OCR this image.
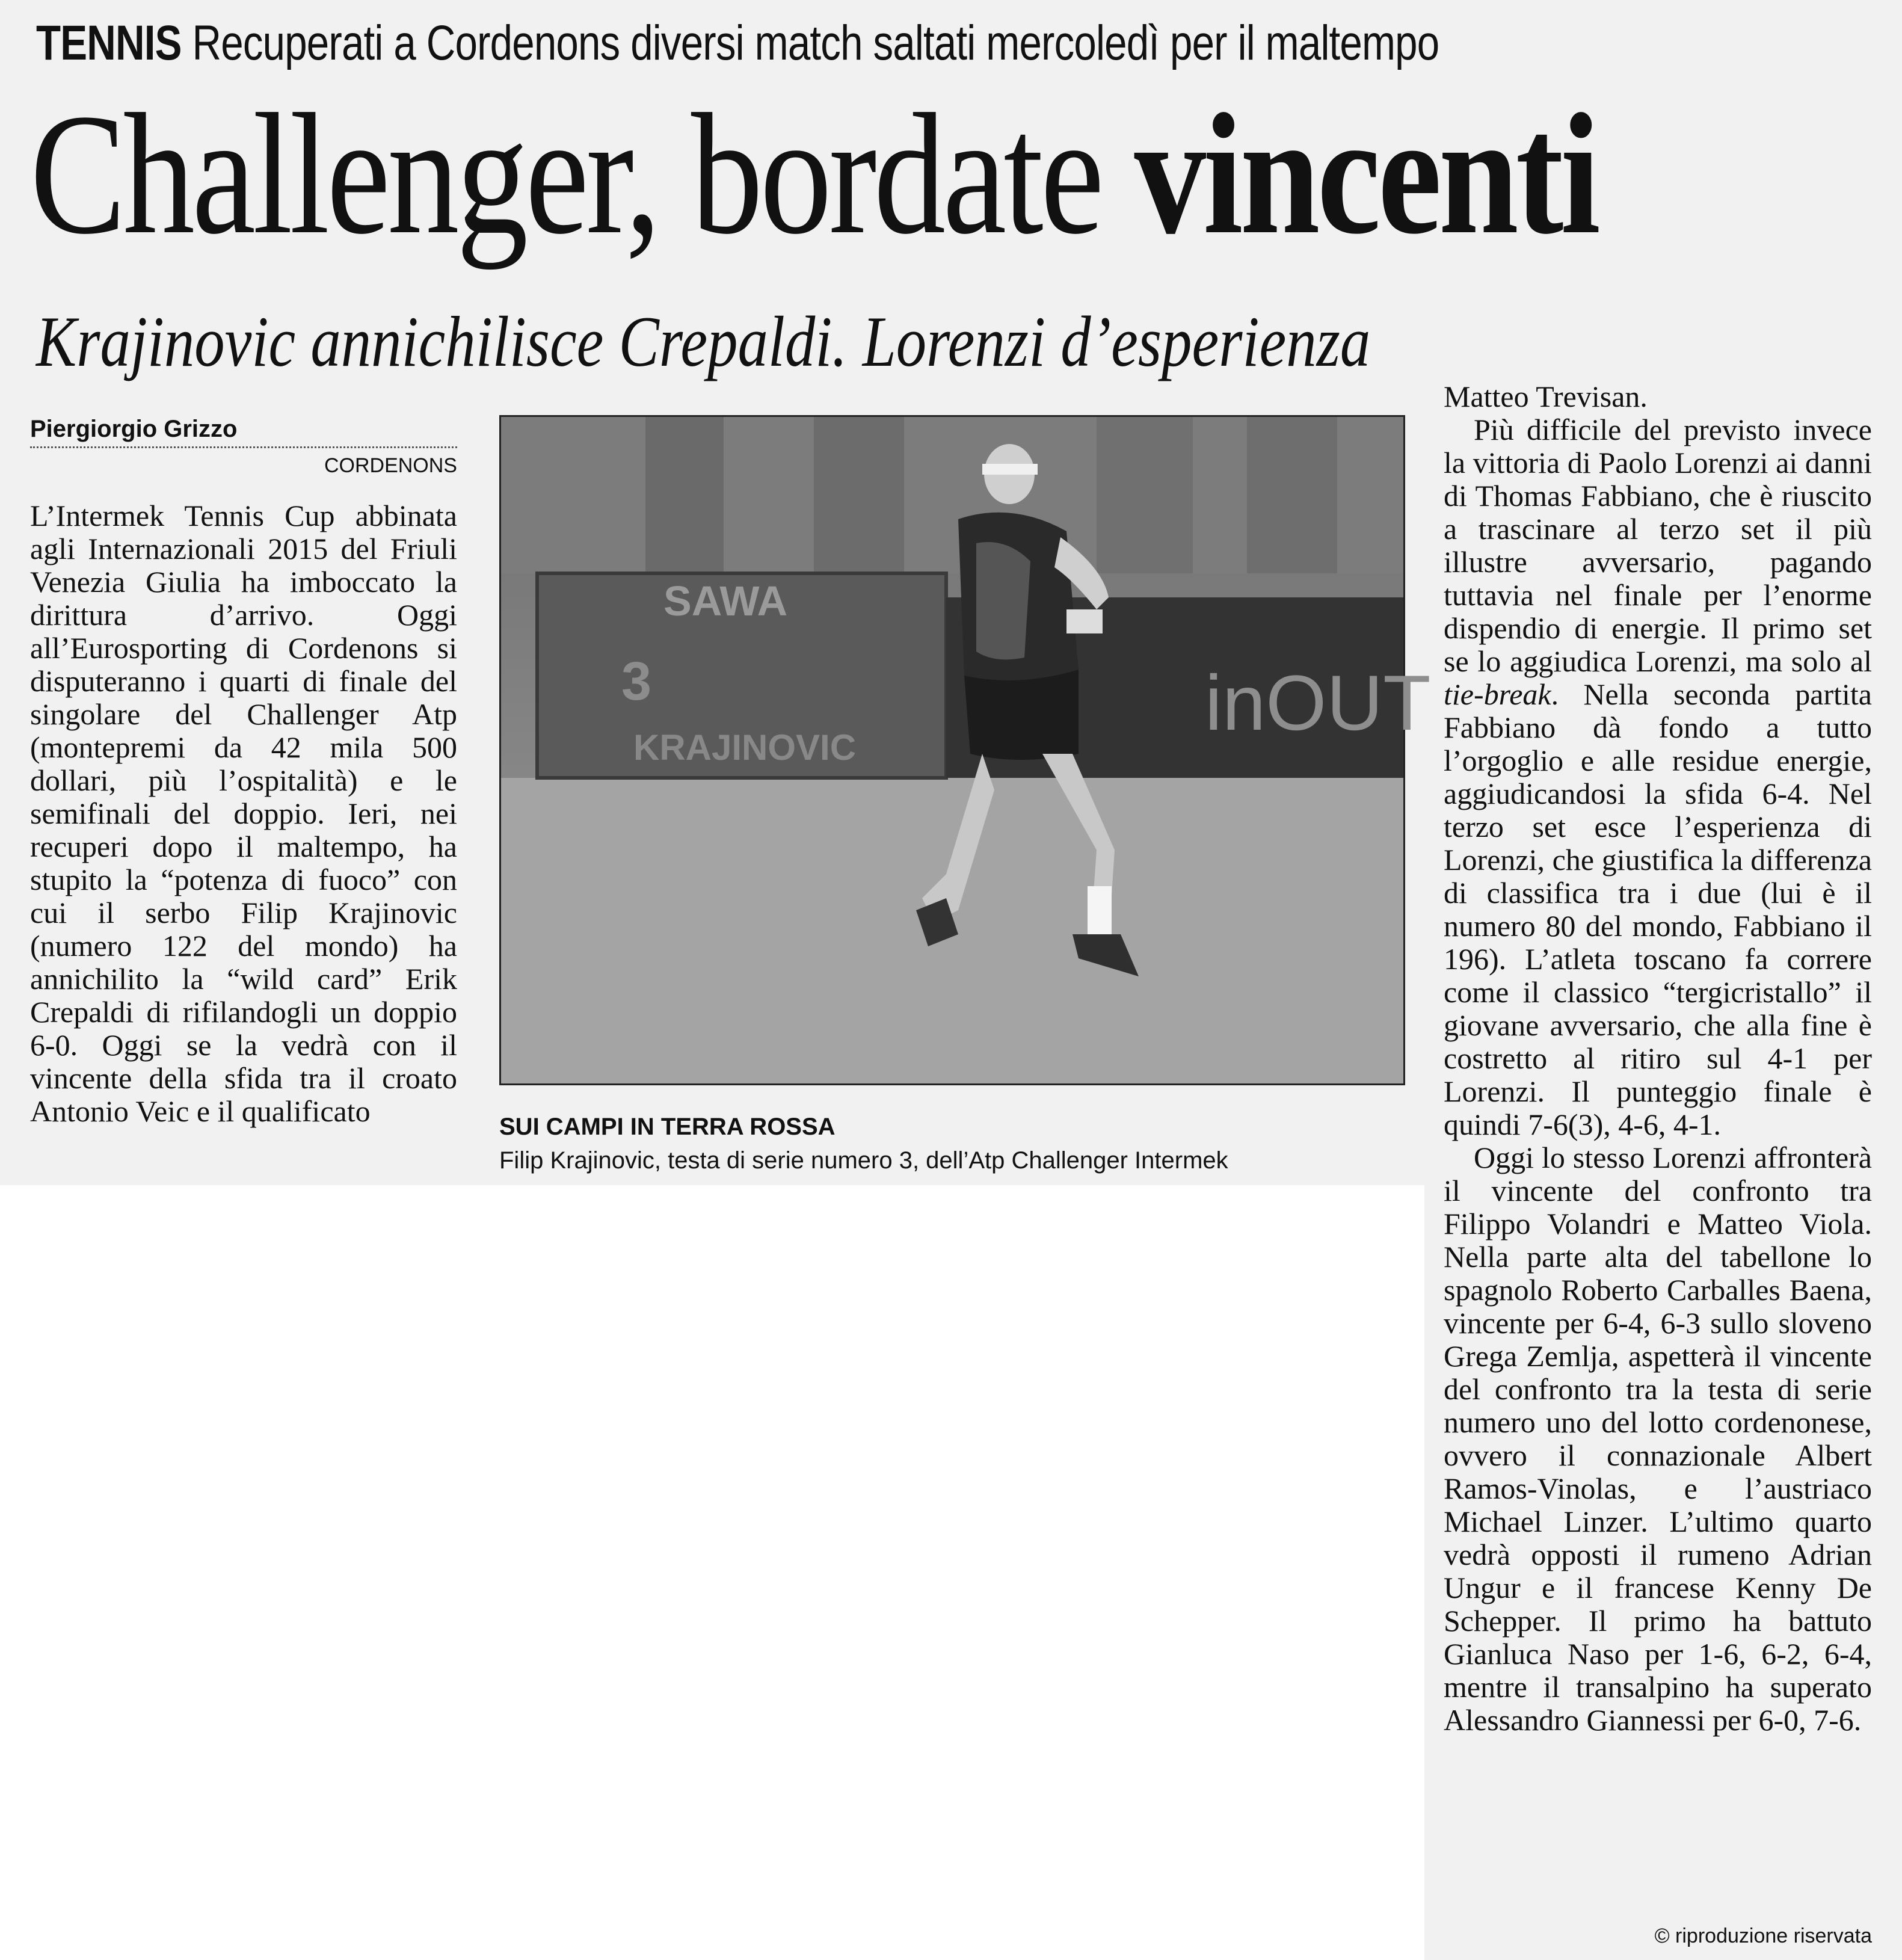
TENNIS Recuperati a Cordenons diversi match saltati mercoledì per il maltempo
Challenger, bordate vincenti
Krajinovic annichilisce Crepaldi. Lorenzi d’esperienza
Piergiorgio Grizzo
CORDENONS

L’Intermek Tennis Cup abbinata agli Internazionali 2015 del Friuli Venezia Giulia ha imboccato la dirittura d’arrivo. Oggi all’Eurosporting di Cordenons si disputeranno i quarti di finale del singolare del Challenger Atp (montepremi da 42 mila 500 dollari, più l’ospitalità) e le semifinali del doppio. Ieri, nei recuperi dopo il maltempo, ha stupito la “potenza di fuoco” con cui il serbo Filip Krajinovic (numero 122 del mondo) ha annichilito la “wild card” Erik Crepaldi di rifilandogli un doppio 6-0. Oggi se la vedrà con il vincente della sfida tra il croato Antonio Veic e il qualificato

SAWA
3
KRAJINOVIC
inOUT
SUI CAMPI IN TERRA ROSSA
Filip Krajinovic, testa di serie numero 3, dell’Atp Challenger Intermek

Matteo Trevisan.

Più difficile del previsto invece la vittoria di Paolo Lorenzi ai danni di Thomas Fabbiano, che è riuscito a trascinare al terzo set il più illustre avversario, pagando tuttavia nel finale per l’enorme dispendio di energie. Il primo set se lo aggiudica Lorenzi, ma solo al tie-break. Nella seconda partita Fabbiano dà fondo a tutto l’orgoglio e alle residue energie, aggiudicandosi la sfida 6-4. Nel terzo set esce l’esperienza di Lorenzi, che giustifica la differenza di classifica tra i due (lui è il numero 80 del mondo, Fabbiano il 196). L’atleta toscano fa correre come il classico “tergicristallo” il giovane avversario, che alla fine è costretto al ritiro sul 4-1 per Lorenzi. Il punteggio finale è quindi 7-6(3), 4-6, 4-1.

Oggi lo stesso Lorenzi affronterà il vincente del confronto tra Filippo Volandri e Matteo Viola. Nella parte alta del tabellone lo spagnolo Roberto Carballes Baena, vincente per 6-4, 6-3 sullo sloveno Grega Zemlja, aspetterà il vincente del confronto tra la testa di serie numero uno del lotto cordenonese, ovvero il connazionale Albert Ramos-Vinolas, e l’austriaco Michael Linzer. L’ultimo quarto vedrà opposti il rumeno Adrian Ungur e il francese Kenny De Schepper. Il primo ha battuto Gianluca Naso per 1-6, 6-2, 6-4, mentre il transalpino ha superato Alessandro Giannessi per 6-0, 7-6.

© riproduzione riservata
